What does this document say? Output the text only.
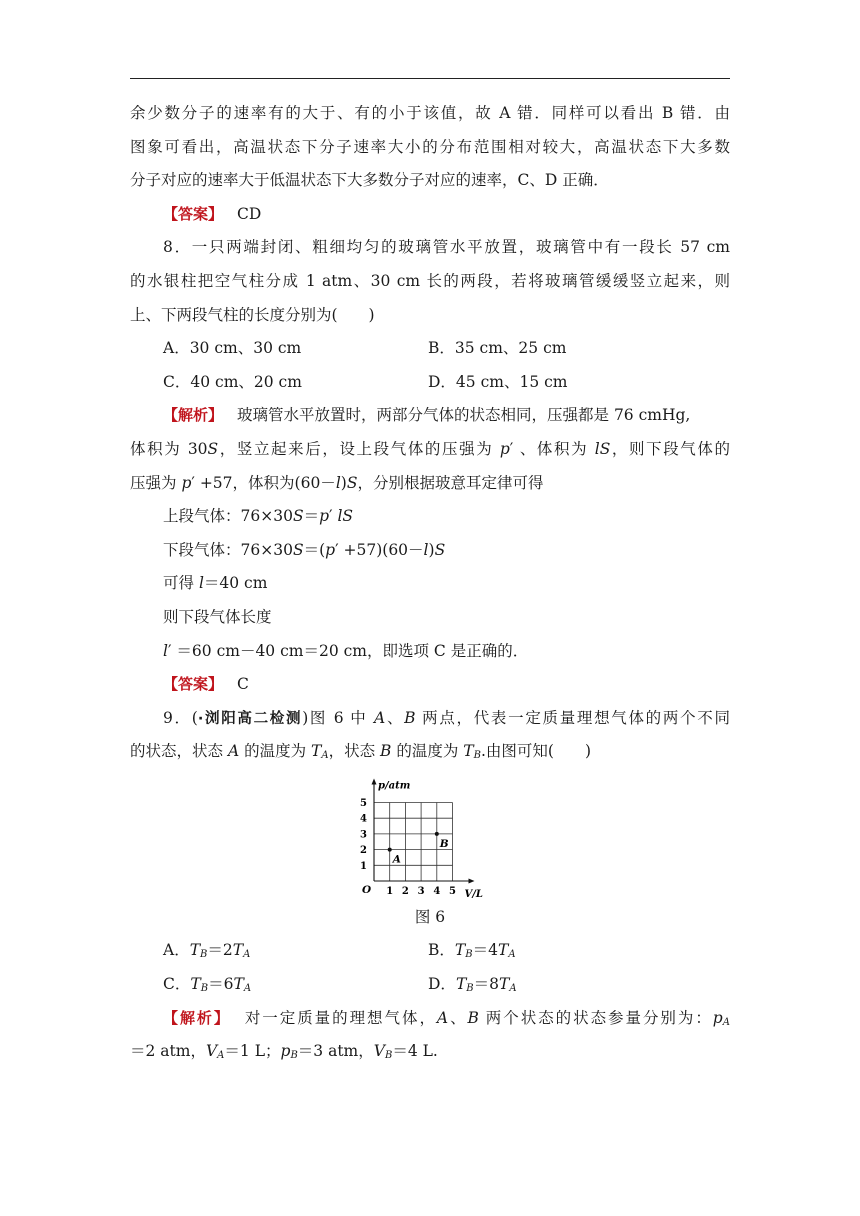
余少数分子的速率有的大于、有的小于该值，故 A 错．同样可以看出 B 错．由
图象可看出，高温状态下分子速率大小的分布范围相对较大，高温状态下大多数
分子对应的速率大于低温状态下大多数分子对应的速率，C、D 正确．
【答案】 CD
8．一只两端封闭、粗细均匀的玻璃管水平放置，玻璃管中有一段长 57 cm
的水银柱把空气柱分成 1 atm、30 cm 长的两段，若将玻璃管缓缓竖立起来，则
上、下两段气柱的长度分别为(　　)
A．30 cm、30 cm	B．35 cm、25 cm
C．40 cm、20 cm	D．45 cm、15 cm
【解析】 玻璃管水平放置时，两部分气体的状态相同，压强都是 76 cmHg,
体积为 30S，竖立起来后，设上段气体的压强为 p′ 、体积为 lS，则下段气体的
压强为 p′ +57，体积为(60－l)S，分别根据玻意耳定律可得
上段气体：76×30S＝p′ lS
下段气体：76×30S＝(p′ +57)(60－l)S
可得 l＝40 cm
则下段气体长度
l′ ＝60 cm－40 cm＝20 cm，即选项 C 是正确的．
【答案】 C
9．(·浏阳高二检测)图 6 中 A、B 两点，代表一定质量理想气体的两个不同
的状态，状态 A 的温度为 $T_A$，状态 B 的温度为 $T_B$.由图可知(　　)
1 2 3 4 5
1
2
3
4
5
O	V/L
p/atm
A
B
图 6
A．$T_B=2T_A$	B．$T_B=4T_A$
C．$T_B=6T_A$	D．$T_B=8T_A$
【解析】 对一定质量的理想气体，A、B 两个状态的状态参量分别为：$p_A$
＝2 atm，$V_A=1$ L；$p_B=3$ atm，$V_B=4$ L.
